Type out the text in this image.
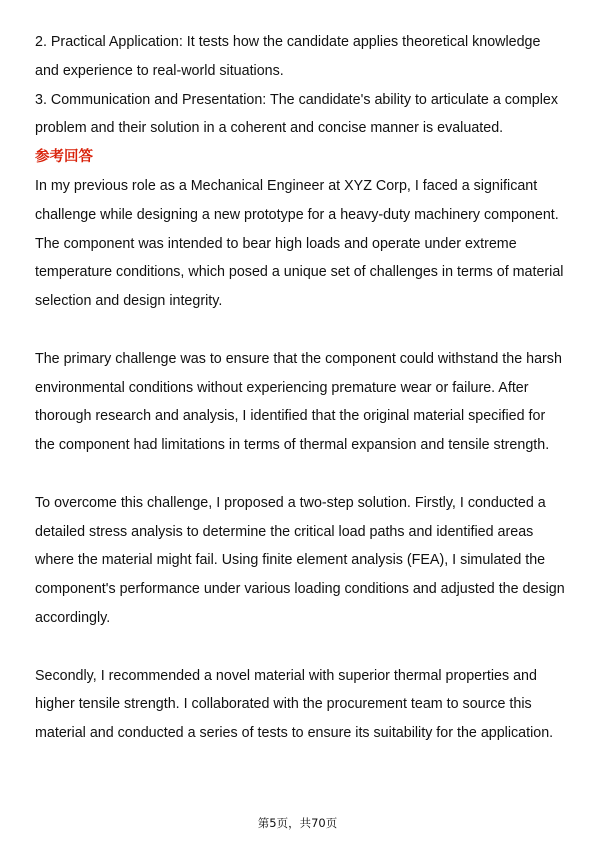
2. Practical Application: It tests how the candidate applies theoretical knowledge and experience to real-world situations.

3. Communication and Presentation: The candidate's ability to articulate a complex problem and their solution in a coherent and concise manner is evaluated.

参考回答

In my previous role as a Mechanical Engineer at XYZ Corp, I faced a significant challenge while designing a new prototype for a heavy-duty machinery component. The component was intended to bear high loads and operate under extreme temperature conditions, which posed a unique set of challenges in terms of material selection and design integrity.

The primary challenge was to ensure that the component could withstand the harsh environmental conditions without experiencing premature wear or failure. After thorough research and analysis, I identified that the original material specified for the component had limitations in terms of thermal expansion and tensile strength.

To overcome this challenge, I proposed a two-step solution. Firstly, I conducted a detailed stress analysis to determine the critical load paths and identified areas where the material might fail. Using finite element analysis (FEA), I simulated the component's performance under various loading conditions and adjusted the design accordingly.

Secondly, I recommended a novel material with superior thermal properties and higher tensile strength. I collaborated with the procurement team to source this material and conducted a series of tests to ensure its suitability for the application.

第5页，共70页
